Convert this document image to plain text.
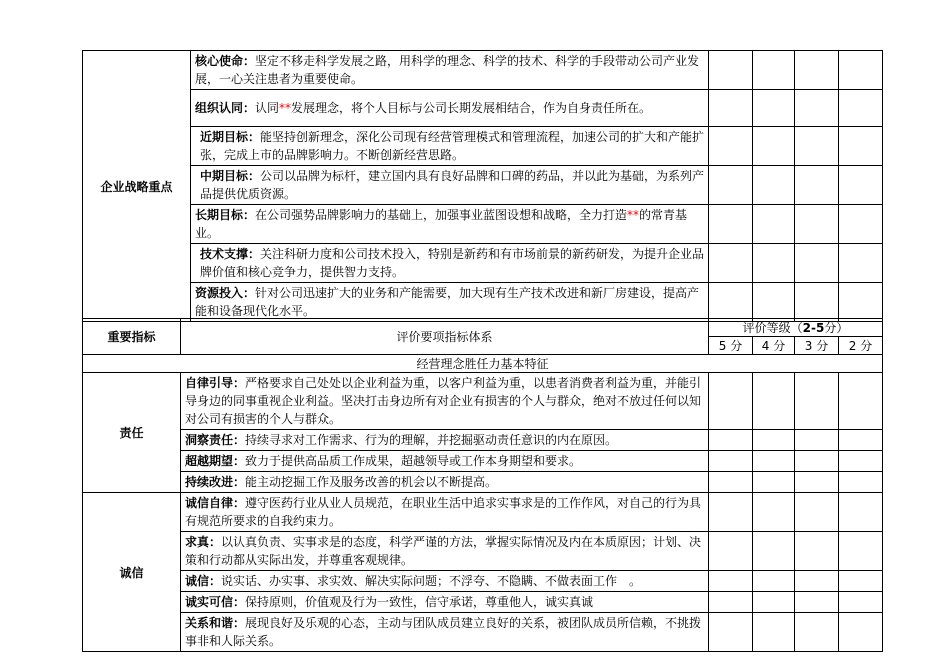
企业战略重点	核心使命：坚定不移走科学发展之路，用科学的理念、科学的技术、科学的手段带动公司产业发展，一心关注患者为重要使命。				
	组织认同：认同**发展理念，将个人目标与公司长期发展相结合，作为自身责任所在。				
	近期目标：能坚持创新理念，深化公司现有经营管理模式和管理流程，加速公司的扩大和产能扩张，完成上市的品牌影响力。不断创新经营思路。				
	中期目标：公司以品牌为标杆，建立国内具有良好品牌和口碑的药品，并以此为基础，为系列产品提供优质资源。				
	长期目标：在公司强势品牌影响力的基础上，加强事业蓝图设想和战略，全力打造**的常青基业。				
	技术支撑：关注科研力度和公司技术投入，特别是新药和有市场前景的新药研发，为提升企业品牌价值和核心竞争力，提供智力支持。				
	资源投入：针对公司迅速扩大的业务和产能需要，加大现有生产技术改进和新厂房建设，提高产能和设备现代化水平。				
重要指标	评价要项指标体系	评价等级（2-5分）			
		5 分	4 分	3 分	2 分
经营理念胜任力基本特征					
责任	自律引导：严格要求自己处处以企业利益为重，以客户利益为重，以患者消费者利益为重，并能引导身边的同事重视企业利益。坚决打击身边所有对企业有损害的个人与群众，绝对不放过任何以知对公司有损害的个人与群众。				
	洞察责任：持续寻求对工作需求、行为的理解，并挖掘驱动责任意识的内在原因。				
	超越期望：致力于提供高品质工作成果，超越领导或工作本身期望和要求。				
	持续改进：能主动挖掘工作及服务改善的机会以不断提高。				
诚信	诚信自律：遵守医药行业从业人员规范，在职业生活中追求实事求是的工作作风，对自己的行为具有规范所要求的自我约束力。				
	求真：以认真负责、实事求是的态度，科学严谨的方法，掌握实际情况及内在本质原因；计划、决策和行动都从实际出发，并尊重客观规律。				
	诚信：说实话、办实事、求实效、解决实际问题；不浮夸、不隐瞒、不做表面工作　。				
	诚实可信：保持原则，价值观及行为一致性，信守承诺，尊重他人，诚实真诚				
	关系和谐：展现良好及乐观的心态，主动与团队成员建立良好的关系，被团队成员所信赖，不挑拨事非和人际关系。				
